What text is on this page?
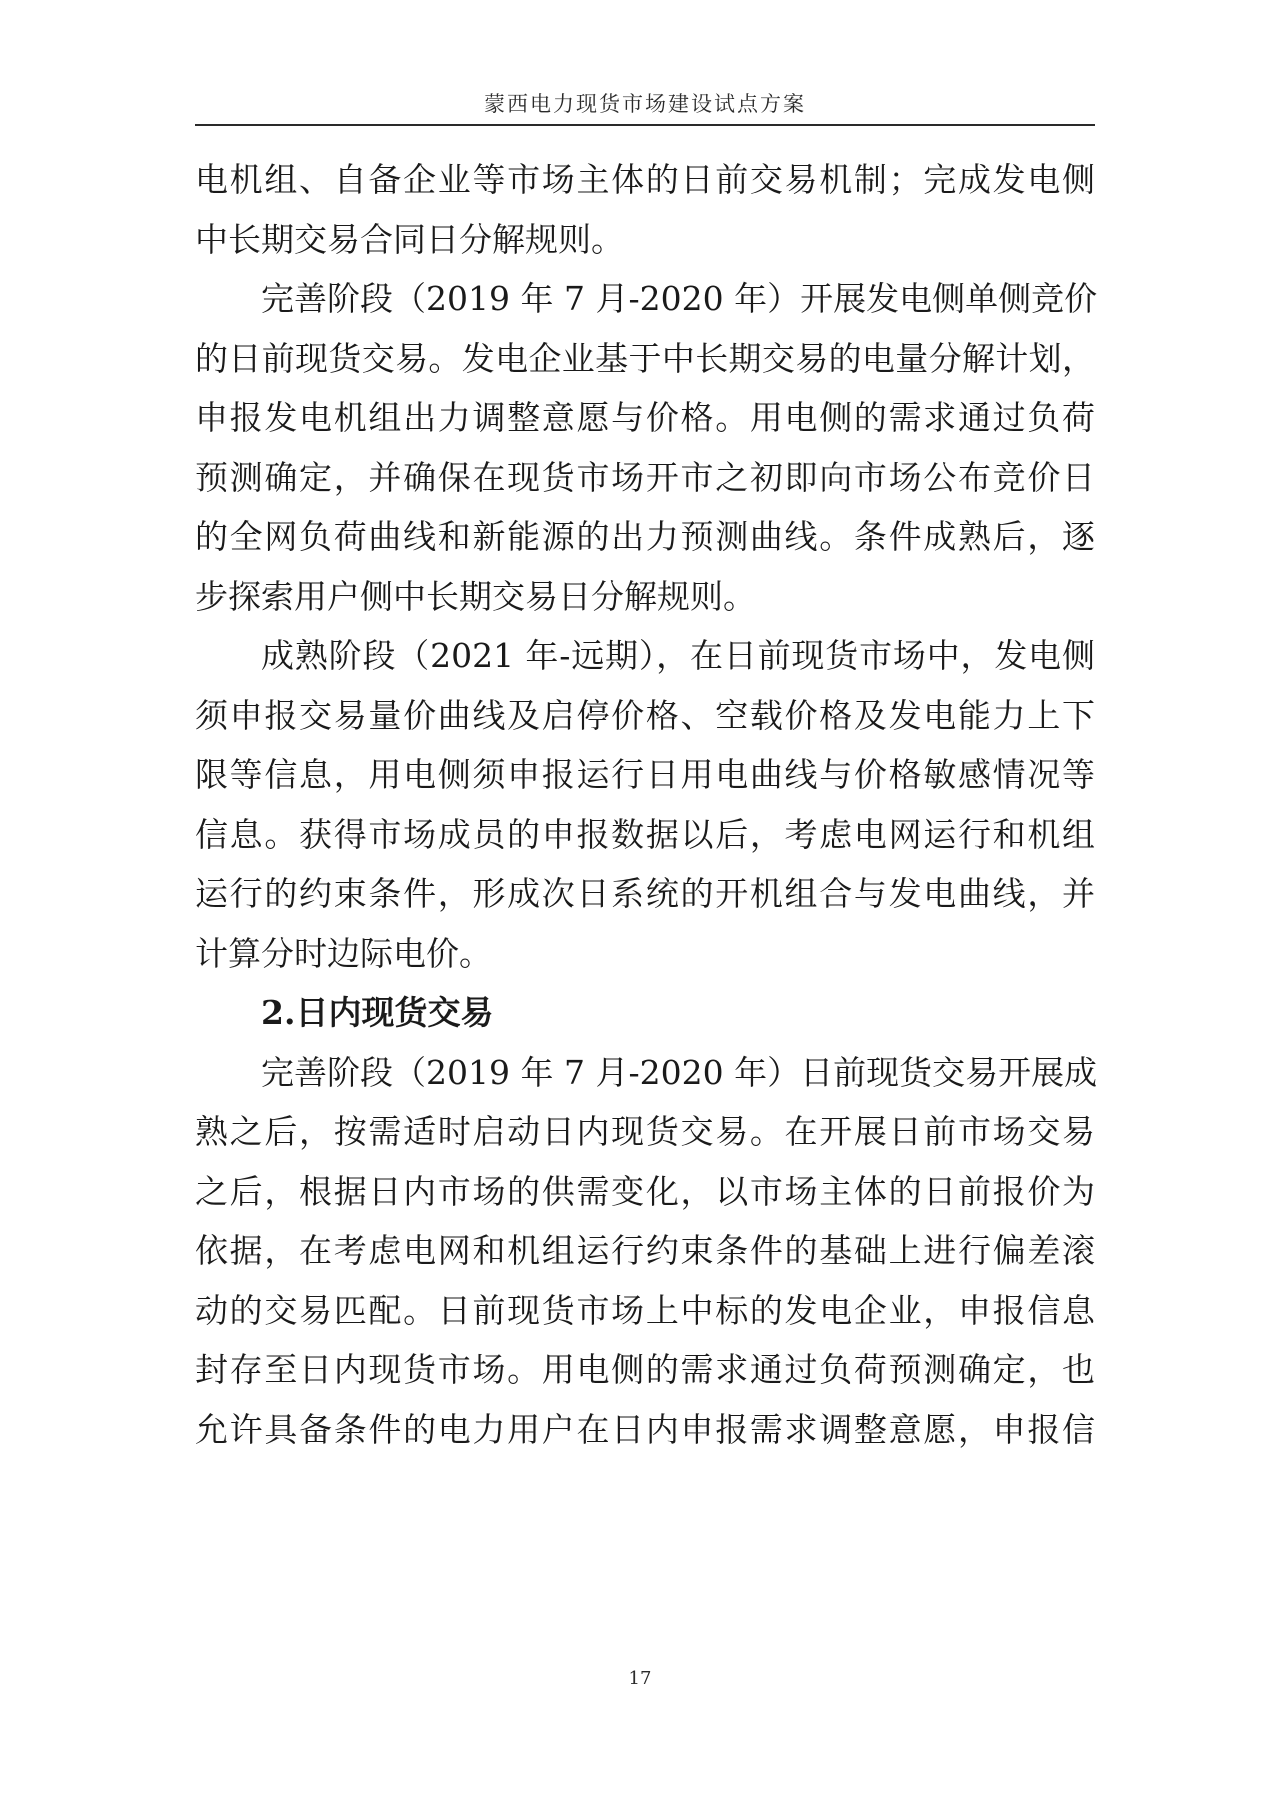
蒙西电力现货市场建设试点方案
电机组、自备企业等市场主体的日前交易机制；完成发电侧
中长期交易合同日分解规则。
完善阶段（2019 年 7 月-2020 年）开展发电侧单侧竞价
的日前现货交易。发电企业基于中长期交易的电量分解计划，
申报发电机组出力调整意愿与价格。用电侧的需求通过负荷
预测确定，并确保在现货市场开市之初即向市场公布竞价日
的全网负荷曲线和新能源的出力预测曲线。条件成熟后，逐
步探索用户侧中长期交易日分解规则。
成熟阶段（2021 年-远期），在日前现货市场中，发电侧
须申报交易量价曲线及启停价格、空载价格及发电能力上下
限等信息，用电侧须申报运行日用电曲线与价格敏感情况等
信息。获得市场成员的申报数据以后，考虑电网运行和机组
运行的约束条件，形成次日系统的开机组合与发电曲线，并
计算分时边际电价。
2.日内现货交易
完善阶段（2019 年 7 月-2020 年）日前现货交易开展成
熟之后，按需适时启动日内现货交易。在开展日前市场交易
之后，根据日内市场的供需变化，以市场主体的日前报价为
依据，在考虑电网和机组运行约束条件的基础上进行偏差滚
动的交易匹配。日前现货市场上中标的发电企业，申报信息
封存至日内现货市场。用电侧的需求通过负荷预测确定，也
允许具备条件的电力用户在日内申报需求调整意愿，申报信
17
